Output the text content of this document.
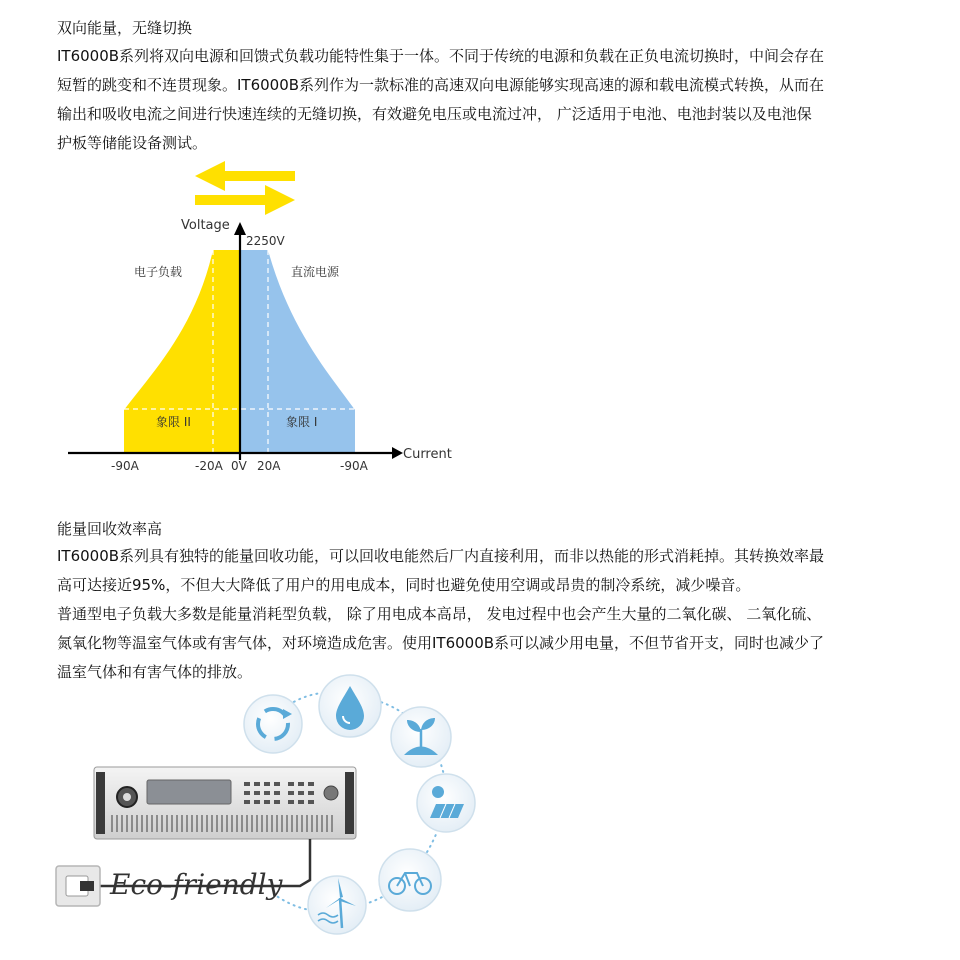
双向能量，无缝切换
IT6000B系列将双向电源和回馈式负载功能特性集于一体。不同于传统的电源和负载在正负电流切换时，中间会存在
短暂的跳变和不连贯现象。IT6000B系列作为一款标准的高速双向电源能够实现高速的源和载电流模式转换，从而在
输出和吸收电流之间进行快速连续的无缝切换，有效避免电压或电流过冲， 广泛适用于电池、电池封装以及电池保
护板等储能设备测试。
Voltage
Current
2250V
电子负载	直流电源
象限 II	象限 I
-90A	-20A 0V 20A	-90A
能量回收效率高
IT6000B系列具有独特的能量回收功能，可以回收电能然后厂内直接利用，而非以热能的形式消耗掉。其转换效率最
高可达接近95%，不但大大降低了用户的用电成本，同时也避免使用空调或昂贵的制冷系统，减少噪音。
普通型电子负载大多数是能量消耗型负载， 除了用电成本高昂， 发电过程中也会产生大量的二氧化碳、 二氧化硫、
氮氧化物等温室气体或有害气体，对环境造成危害。使用IT6000B系可以减少用电量，不但节省开支，同时也减少了
温室气体和有害气体的排放。
Eco-friendly
